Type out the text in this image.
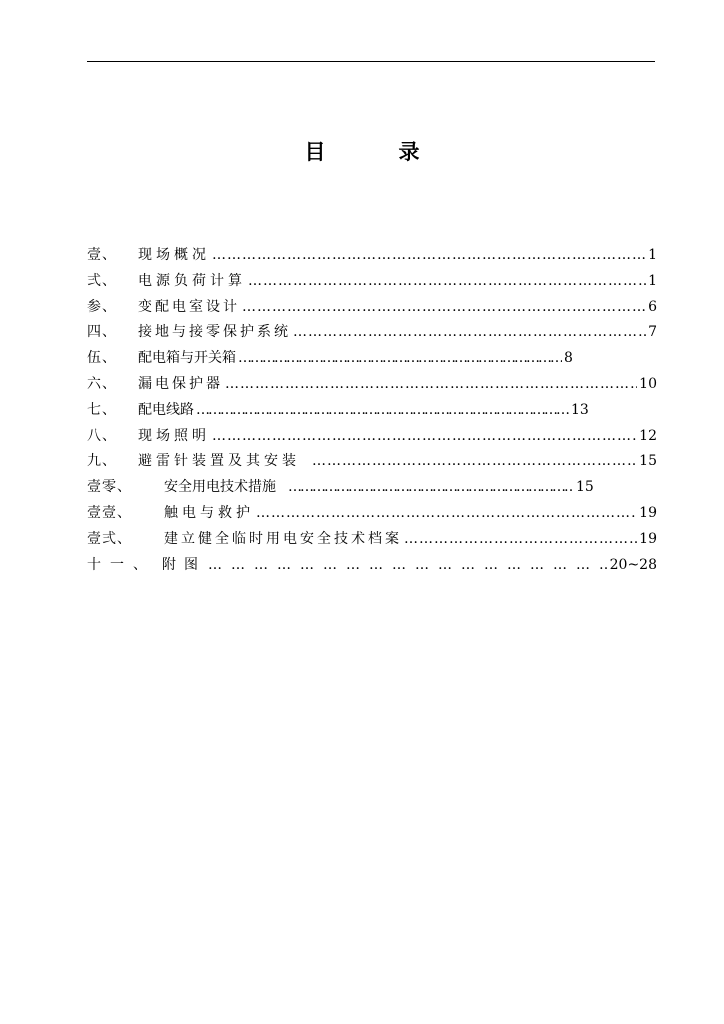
目　录
壹、 现场概况 …………………………………………………………………………………………………………………………………………	1
弍、 电源负荷计算 …………………………………………………………………………………………………………………………………………	1
参、 变配电室设计 …………………………………………………………………………………………………………………………………………	6
四、 接地与接零保护系统 …………………………………………………………………………………………………………………………………………	7
伍、 配电箱与开关箱 …………………………………………………………………………………………………………………………………………	8
六、 漏电保护器 …………………………………………………………………………………………………………………………………………	10
七、 配电线路 …………………………………………………………………………………………………………………………………………	13
八、 现场照明 …………………………………………………………………………………………………………………………………………	12
九、 避雷针装置及其安装 …………………………………………………………………………………………………………………………………………	15
壹零、 安全用电技术措施 …………………………………………………………………………………………………………………………………………	15
壹壹、 触电与救护 …………………………………………………………………………………………………………………………………………	19
壹弍、 建立健全临时用电安全技术档案 …………………………………………………………………………………………………………………………………………	19
十一、 附图 …………………………………………………………………………………………………………………………………………	20~28
